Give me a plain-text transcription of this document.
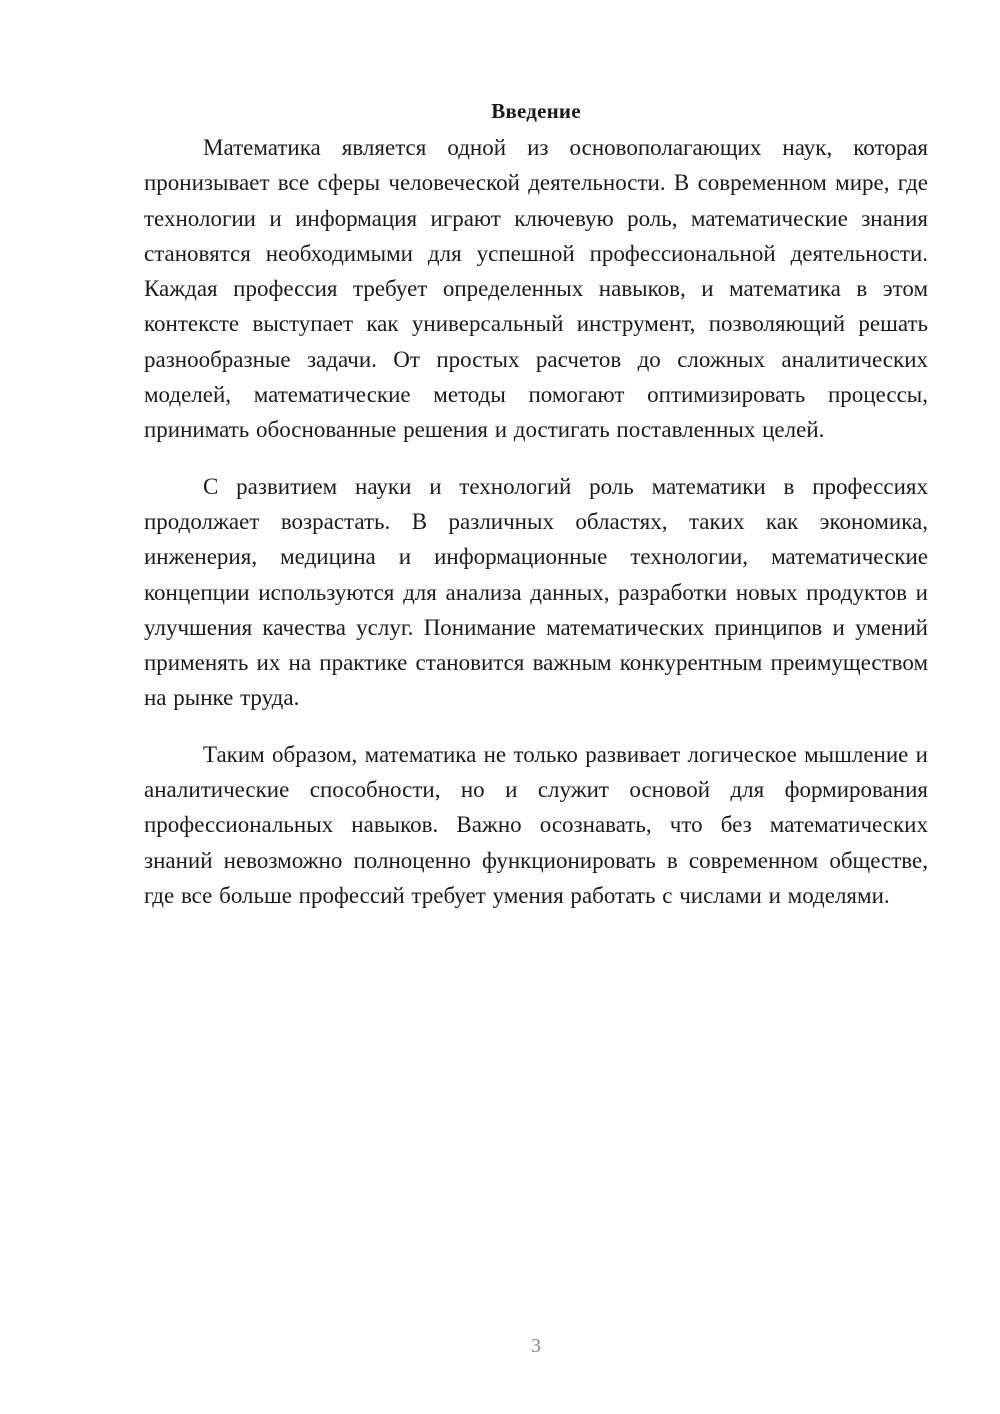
Введение

Математика является одной из основополагающих наук, которая пронизывает все сферы человеческой деятельности. В современном мире, где технологии и информация играют ключевую роль, математические знания становятся необходимыми для успешной профессиональной деятельности. Каждая профессия требует определенных навыков, и математика в этом контексте выступает как универсальный инструмент, позволяющий решать разнообразные задачи. От простых расчетов до сложных аналитических моделей, математические методы помогают оптимизировать процессы, принимать обоснованные решения и достигать поставленных целей.

С развитием науки и технологий роль математики в профессиях продолжает возрастать. В различных областях, таких как экономика, инженерия, медицина и информационные технологии, математические концепции используются для анализа данных, разработки новых продуктов и улучшения качества услуг. Понимание математических принципов и умений применять их на практике становится важным конкурентным преимуществом на рынке труда.

Таким образом, математика не только развивает логическое мышление и аналитические способности, но и служит основой для формирования профессиональных навыков. Важно осознавать, что без математических знаний невозможно полноценно функционировать в современном обществе, где все больше профессий требует умения работать с числами и моделями.

3
